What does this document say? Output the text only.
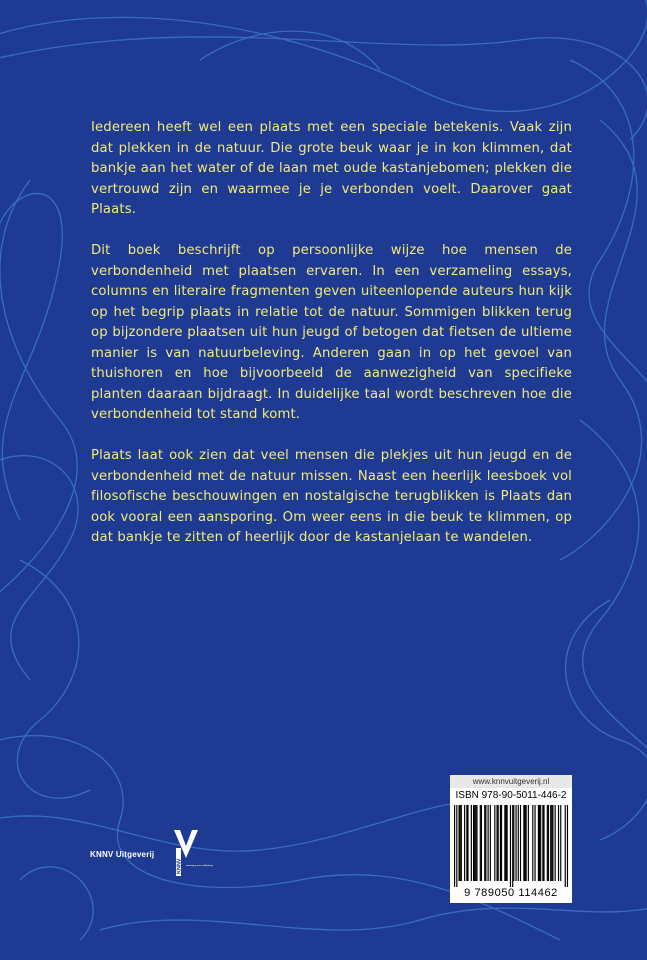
Iedereen heeft wel een plaats met een speciale betekenis. Vaak zijn dat plekken in de natuur. Die grote beuk waar je in kon klimmen, dat bankje aan het water of de laan met oude kastanjebomen; plekken die vertrouwd zijn en waarmee je je verbonden voelt. Daarover gaat Plaats.

Dit boek beschrijft op persoonlijke wijze hoe mensen de verbondenheid met plaatsen ervaren. In een verzameling essays, columns en literaire fragmenten geven uiteenlopende auteurs hun kijk op het begrip plaats in relatie tot de natuur. Sommigen blikken terug op bijzondere plaatsen uit hun jeugd of betogen dat fietsen de ultieme manier is van natuurbeleving. Anderen gaan in op het gevoel van thuishoren en hoe bijvoorbeeld de aanwezigheid van specifieke planten daaraan bijdraagt. In duidelijke taal wordt beschreven hoe die verbondenheid tot stand komt.

Plaats laat ook zien dat veel mensen die plekjes uit hun jeugd en de verbondenheid met de natuur missen. Naast een heerlijk leesboek vol filosofische beschouwingen en nostalgische terugblikken is Plaats dan ook vooral een aansporing. Om weer eens in die beuk te klimmen, op dat bankje te zitten of heerlijk door de kastanjelaan te wandelen.

www.knnvuitgeverij.nl
ISBN 978-90-5011-446-2
9 789050 114462
KNNV Uitgeverij
KNNV vereniging voor veldbiologie
